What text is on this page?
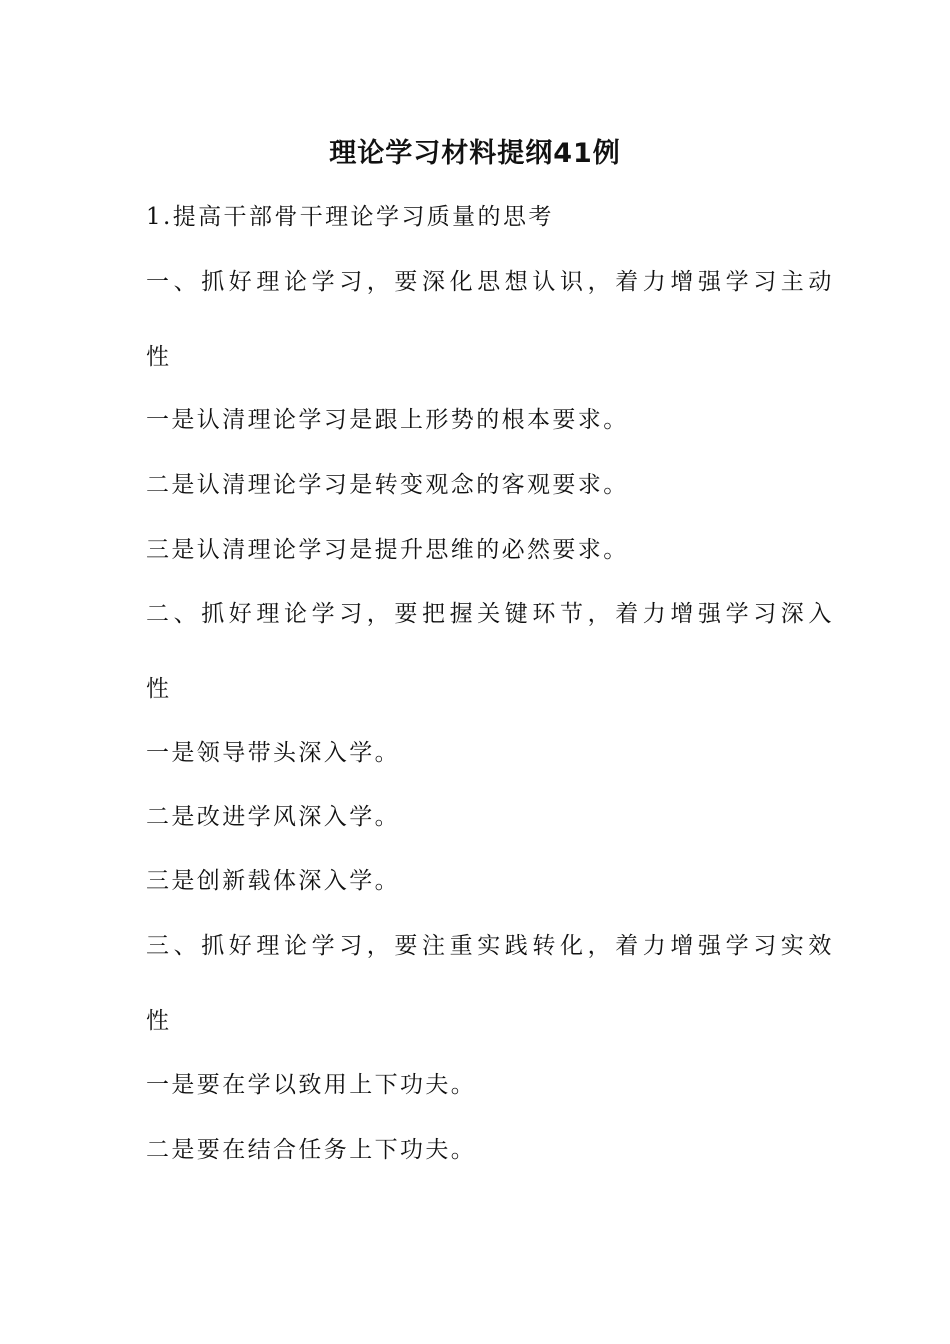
理论学习材料提纲41例
1.提高干部骨干理论学习质量的思考
一、抓好理论学习，要深化思想认识，着力增强学习主动
性
一是认清理论学习是跟上形势的根本要求。
二是认清理论学习是转变观念的客观要求。
三是认清理论学习是提升思维的必然要求。
二、抓好理论学习，要把握关键环节，着力增强学习深入
性
一是领导带头深入学。
二是改进学风深入学。
三是创新载体深入学。
三、抓好理论学习，要注重实践转化，着力增强学习实效
性
一是要在学以致用上下功夫。
二是要在结合任务上下功夫。
